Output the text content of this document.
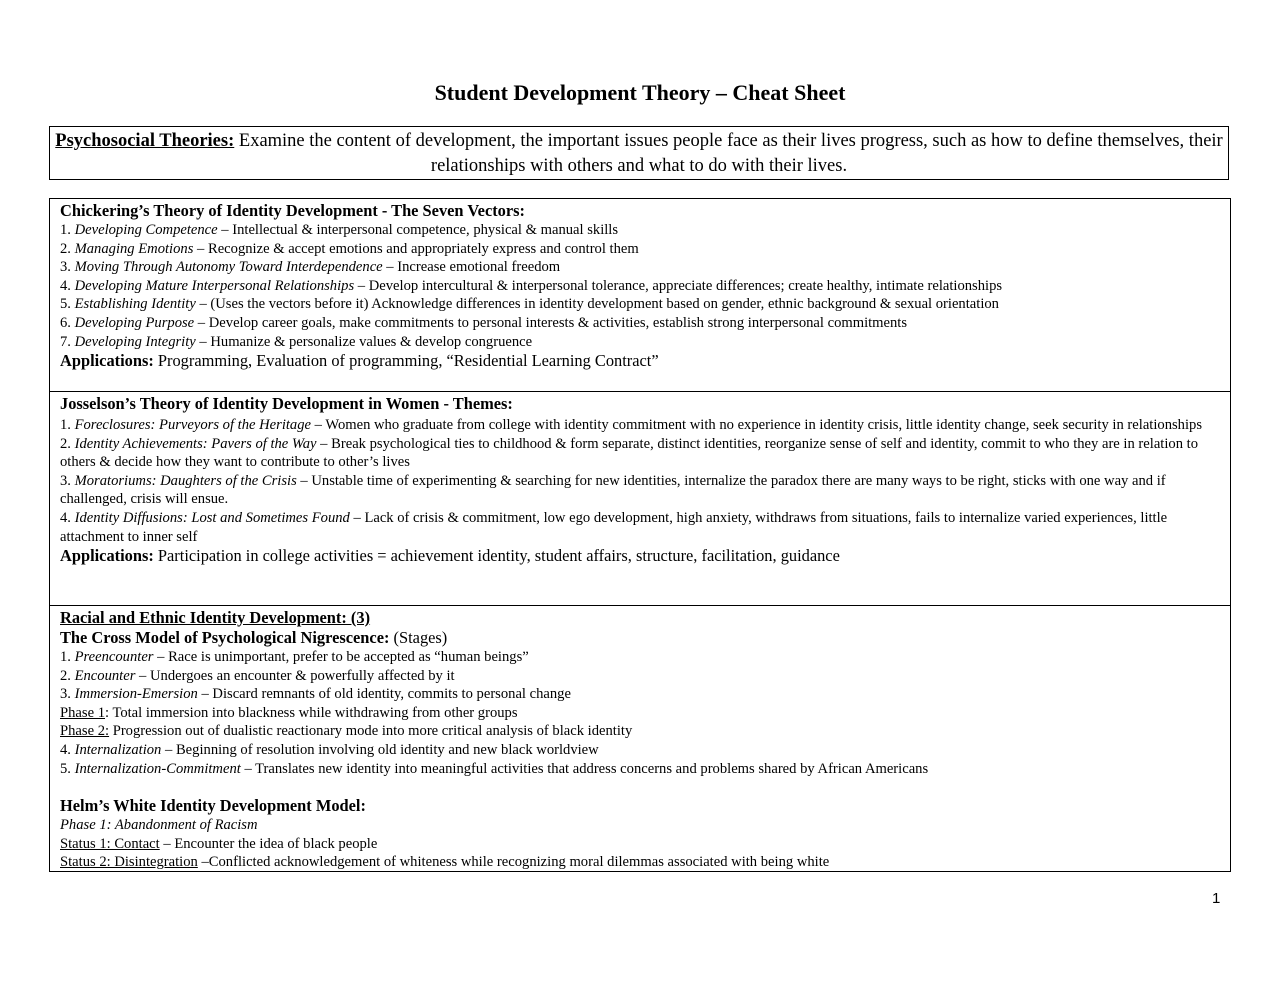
Student Development Theory – Cheat Sheet
Psychosocial Theories: Examine the content of development, the important issues people face as their lives progress, such as how to define themselves, their relationships with others and what to do with their lives.
Chickering’s Theory of Identity Development - The Seven Vectors:
1. Developing Competence – Intellectual & interpersonal competence, physical & manual skills
2. Managing Emotions – Recognize & accept emotions and appropriately express and control them
3. Moving Through Autonomy Toward Interdependence – Increase emotional freedom
4. Developing Mature Interpersonal Relationships – Develop intercultural & interpersonal tolerance, appreciate differences; create healthy, intimate relationships
5. Establishing Identity – (Uses the vectors before it) Acknowledge differences in identity development based on gender, ethnic background & sexual orientation
6. Developing Purpose – Develop career goals, make commitments to personal interests & activities, establish strong interpersonal commitments
7. Developing Integrity – Humanize & personalize values & develop congruence
Applications: Programming, Evaluation of programming, “Residential Learning Contract”
Josselson’s Theory of Identity Development in Women - Themes:
1. Foreclosures: Purveyors of the Heritage – Women who graduate from college with identity commitment with no experience in identity crisis, little identity change, seek security in relationships
2. Identity Achievements: Pavers of the Way – Break psychological ties to childhood & form separate, distinct identities, reorganize sense of self and identity, commit to who they are in relation to others & decide how they want to contribute to other’s lives
3. Moratoriums: Daughters of the Crisis – Unstable time of experimenting & searching for new identities, internalize the paradox there are many ways to be right, sticks with one way and if challenged, crisis will ensue.
4. Identity Diffusions: Lost and Sometimes Found – Lack of crisis & commitment, low ego development, high anxiety, withdraws from situations, fails to internalize varied experiences, little attachment to inner self
Applications: Participation in college activities = achievement identity, student affairs, structure, facilitation, guidance
Racial and Ethnic Identity Development: (3)
The Cross Model of Psychological Nigrescence: (Stages)
1. Preencounter – Race is unimportant, prefer to be accepted as “human beings”
2. Encounter – Undergoes an encounter & powerfully affected by it
3. Immersion-Emersion – Discard remnants of old identity, commits to personal change
Phase 1: Total immersion into blackness while withdrawing from other groups
Phase 2: Progression out of dualistic reactionary mode into more critical analysis of black identity
4. Internalization – Beginning of resolution involving old identity and new black worldview
5. Internalization-Commitment – Translates new identity into meaningful activities that address concerns and problems shared by African Americans
Helm’s White Identity Development Model:
Phase 1: Abandonment of Racism
Status 1: Contact – Encounter the idea of black people
Status 2: Disintegration –Conflicted acknowledgement of whiteness while recognizing moral dilemmas associated with being white
1
